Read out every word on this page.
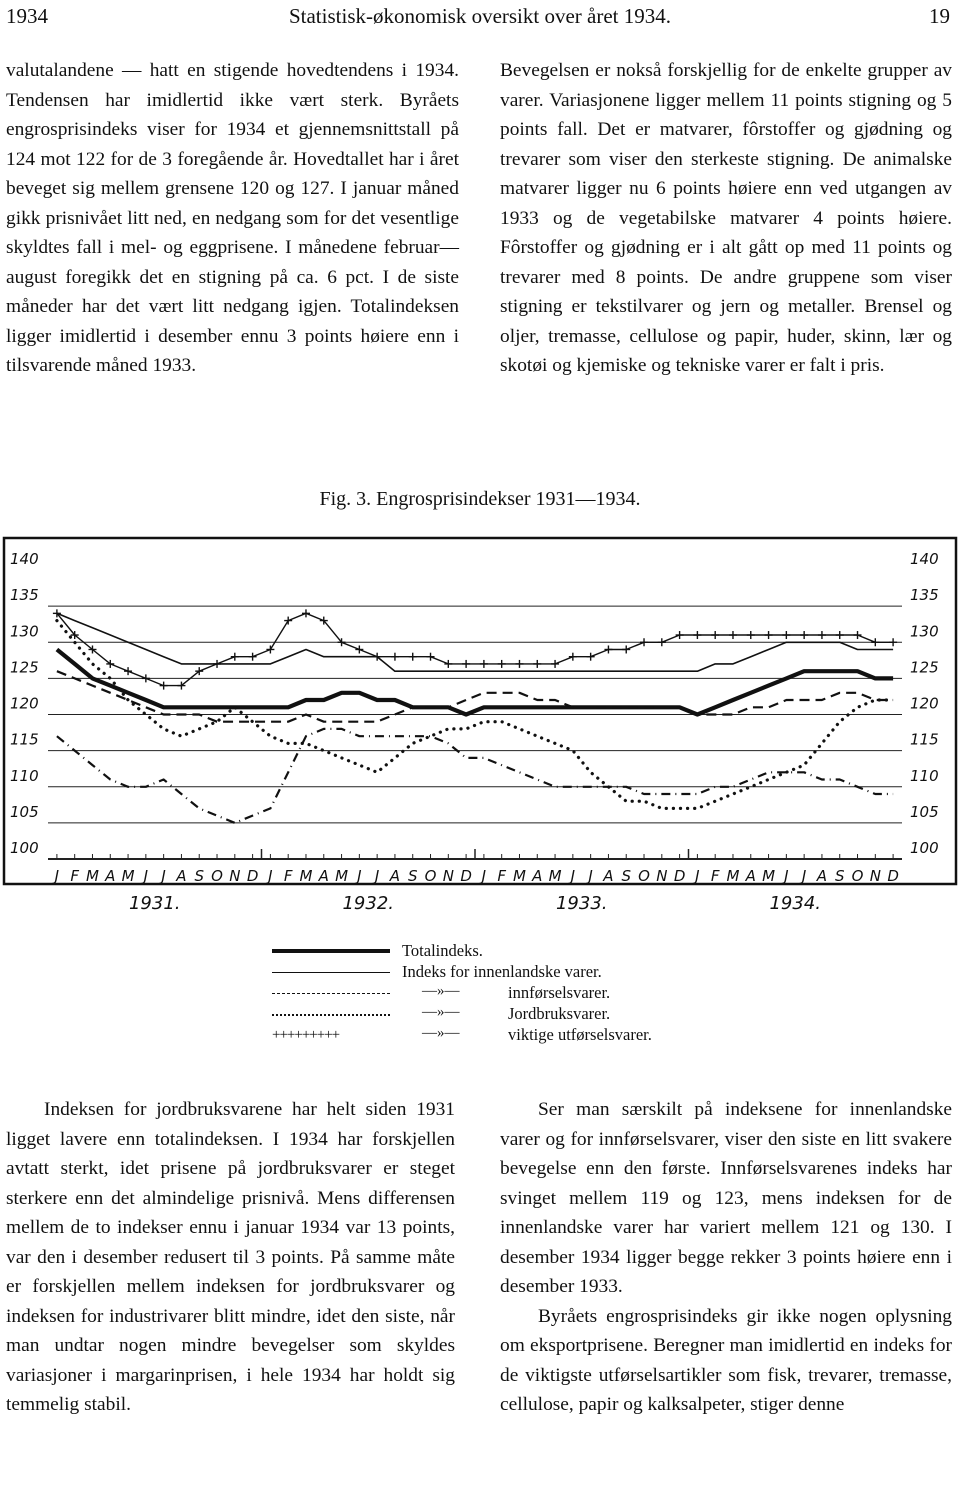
1934	Statistisk-økonomisk oversikt over året 1934.	19

valutalandene — hatt en stigende hovedtendens i 1934. Tendensen har imidlertid ikke vært sterk. Byråets engrosprisindeks viser for 1934 et gjennemsnittstall på 124 mot 122 for de 3 foregående år. Hovedtallet har i året beveget sig mellem grensene 120 og 127. I januar måned gikk prisnivået litt ned, en nedgang som for det vesentlige skyldtes fall i mel- og eggprisene. I månedene februar—august foregikk det en stigning på ca. 6 pct. I de siste måneder har det vært litt nedgang igjen. Totalindeksen ligger imidlertid i desember ennu 3 points høiere enn i tilsvarende måned 1933.

Bevegelsen er nokså forskjellig for de enkelte grupper av varer. Variasjonene ligger mellem 11 points stigning og 5 points fall. Det er matvarer, fôrstoffer og gjødning og trevarer som viser den sterkeste stigning. De animalske matvarer ligger nu 6 points høiere enn ved utgangen av 1933 og de vegetabilske matvarer 4 points høiere. Fôrstoffer og gjødning er i alt gått op med 11 points og trevarer med 8 points. De andre gruppene som viser stigning er tekstilvarer og jern og metaller. Brensel og oljer, tremasse, cellulose og papir, huder, skinn, lær og skotøi og kjemiske og tekniske varer er falt i pris.

Fig. 3. Engrosprisindekser 1931—1934.
100	100
105	105
110	110
115	115
120	120
125	125
130	130
135	135
140	140
J F M A M J J A S O N D J F M A M J J A S O N D J F M A M J J A S O N D J F M A M J J A S O N D
1931.	1932.	1933.	1934.
Totalindeks.
Indeks for innenlandske varer.
—»—	innførselsvarer.
—»—	Jordbruksvarer.
+++++++++	—»—	viktige utførselsvarer.

Indeksen for jordbruksvarene har helt siden 1931 ligget lavere enn totalindeksen. I 1934 har forskjellen avtatt sterkt, idet prisene på jordbruksvarer er steget sterkere enn det almindelige prisnivå. Mens differensen mellem de to indekser ennu i januar 1934 var 13 points, var den i desember redusert til 3 points. På samme måte er forskjellen mellem indeksen for jordbruksvarer og indeksen for industrivarer blitt mindre, idet den siste, når man undtar nogen mindre bevegelser som skyldes variasjoner i margarinprisen, i hele 1934 har holdt sig temmelig stabil.

Ser man særskilt på indeksene for innenlandske varer og for innførselsvarer, viser den siste en litt svakere bevegelse enn den første. Innførselsvarenes indeks har svinget mellem 119 og 123, mens indeksen for de innenlandske varer har variert mellem 121 og 130. I desember 1934 ligger begge rekker 3 points høiere enn i desember 1933.

Byråets engrosprisindeks gir ikke nogen oplysning om eksportprisene. Beregner man imidlertid en indeks for de viktigste utførselsartikler som fisk, trevarer, tremasse, cellulose, papir og kalksalpeter, stiger denne
